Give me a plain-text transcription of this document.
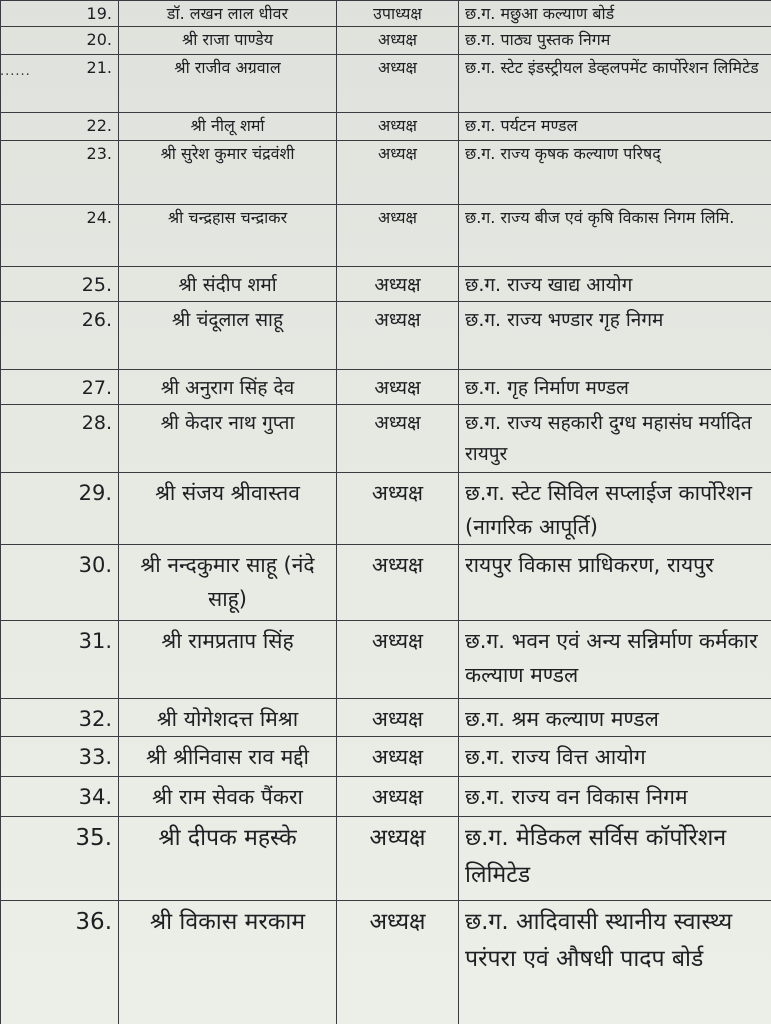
......
19.	डॉ. लखन लाल धीवर	उपाध्यक्ष	छ.ग. मछुआ कल्याण बोर्ड
20.	श्री राजा पाण्डेय	अध्यक्ष	छ.ग. पाठ्य पुस्तक निगम
21.	श्री राजीव अग्रवाल	अध्यक्ष	छ.ग. स्टेट इंडस्ट्रीयल डेव्हलपमेंट कार्पोरेशन लिमिटेड
22.	श्री नीलू शर्मा	अध्यक्ष	छ.ग. पर्यटन मण्डल
23.	श्री सुरेश कुमार चंद्रवंशी	अध्यक्ष	छ.ग. राज्य कृषक कल्याण परिषद्
24.	श्री चन्द्रहास चन्द्राकर	अध्यक्ष	छ.ग. राज्य बीज एवं कृषि विकास निगम लिमि.
25.	श्री संदीप शर्मा	अध्यक्ष	छ.ग. राज्य खाद्य आयोग
26.	श्री चंदूलाल साहू	अध्यक्ष	छ.ग. राज्य भण्डार गृह निगम
27.	श्री अनुराग सिंह देव	अध्यक्ष	छ.ग. गृह निर्माण मण्डल
28.	श्री केदार नाथ गुप्ता	अध्यक्ष	छ.ग. राज्य सहकारी दुग्ध महासंघ मर्यादित रायपुर
29.	श्री संजय श्रीवास्तव	अध्यक्ष	छ.ग. स्टेट सिविल सप्लाईज कार्पोरेशन (नागरिक आपूर्ति)
30.	श्री नन्दकुमार साहू (नंदे साहू)	अध्यक्ष	रायपुर विकास प्राधिकरण, रायपुर
31.	श्री रामप्रताप सिंह	अध्यक्ष	छ.ग. भवन एवं अन्य सन्निर्माण कर्मकार कल्याण मण्डल
32.	श्री योगेशदत्त मिश्रा	अध्यक्ष	छ.ग. श्रम कल्याण मण्डल
33.	श्री श्रीनिवास राव मद्दी	अध्यक्ष	छ.ग. राज्य वित्त आयोग
34.	श्री राम सेवक पैंकरा	अध्यक्ष	छ.ग. राज्य वन विकास निगम
35.	श्री दीपक महस्के	अध्यक्ष	छ.ग. मेडिकल सर्विस कॉर्पोरेशन लिमिटेड
36.	श्री विकास मरकाम	अध्यक्ष	छ.ग. आदिवासी स्थानीय स्वास्थ्य परंपरा एवं औषधी पादप बोर्ड
